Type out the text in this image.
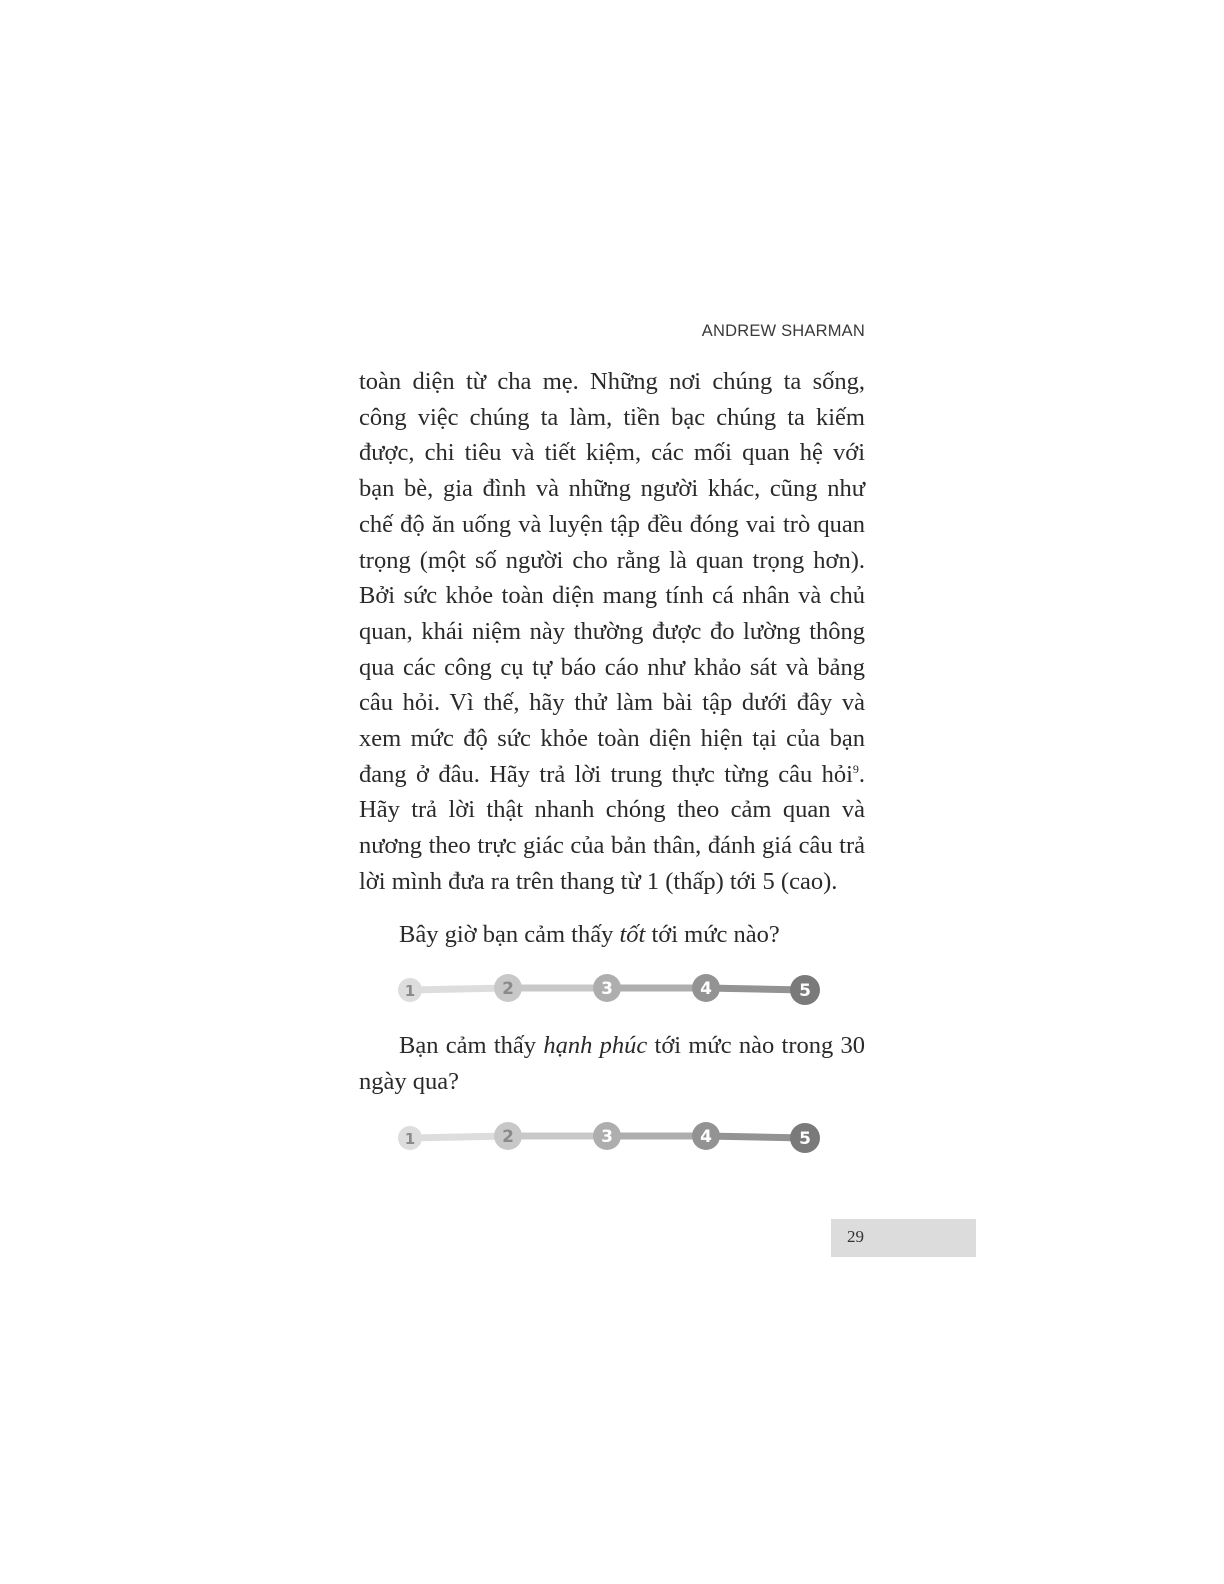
ANDREW SHARMAN

toàn diện từ cha mẹ. Những nơi chúng ta sống, công việc chúng ta làm, tiền bạc chúng ta kiếm được, chi tiêu và tiết kiệm, các mối quan hệ với bạn bè, gia đình và những người khác, cũng như chế độ ăn uống và luyện tập đều đóng vai trò quan trọng (một số người cho rằng là quan trọng hơn). Bởi sức khỏe toàn diện mang tính cá nhân và chủ quan, khái niệm này thường được đo lường thông qua các công cụ tự báo cáo như khảo sát và bảng câu hỏi. Vì thế, hãy thử làm bài tập dưới đây và xem mức độ sức khỏe toàn diện hiện tại của bạn đang ở đâu. Hãy trả lời trung thực từng câu hỏi$^9$. Hãy trả lời thật nhanh chóng theo cảm quan và nương theo trực giác của bản thân, đánh giá câu trả lời mình đưa ra trên thang từ 1 (thấp) tới 5 (cao).

Bây giờ bạn cảm thấy tốt tới mức nào?

1	2	3	4	5

Bạn cảm thấy hạnh phúc tới mức nào trong 30 ngày qua?

1	2	3	4	5
29
